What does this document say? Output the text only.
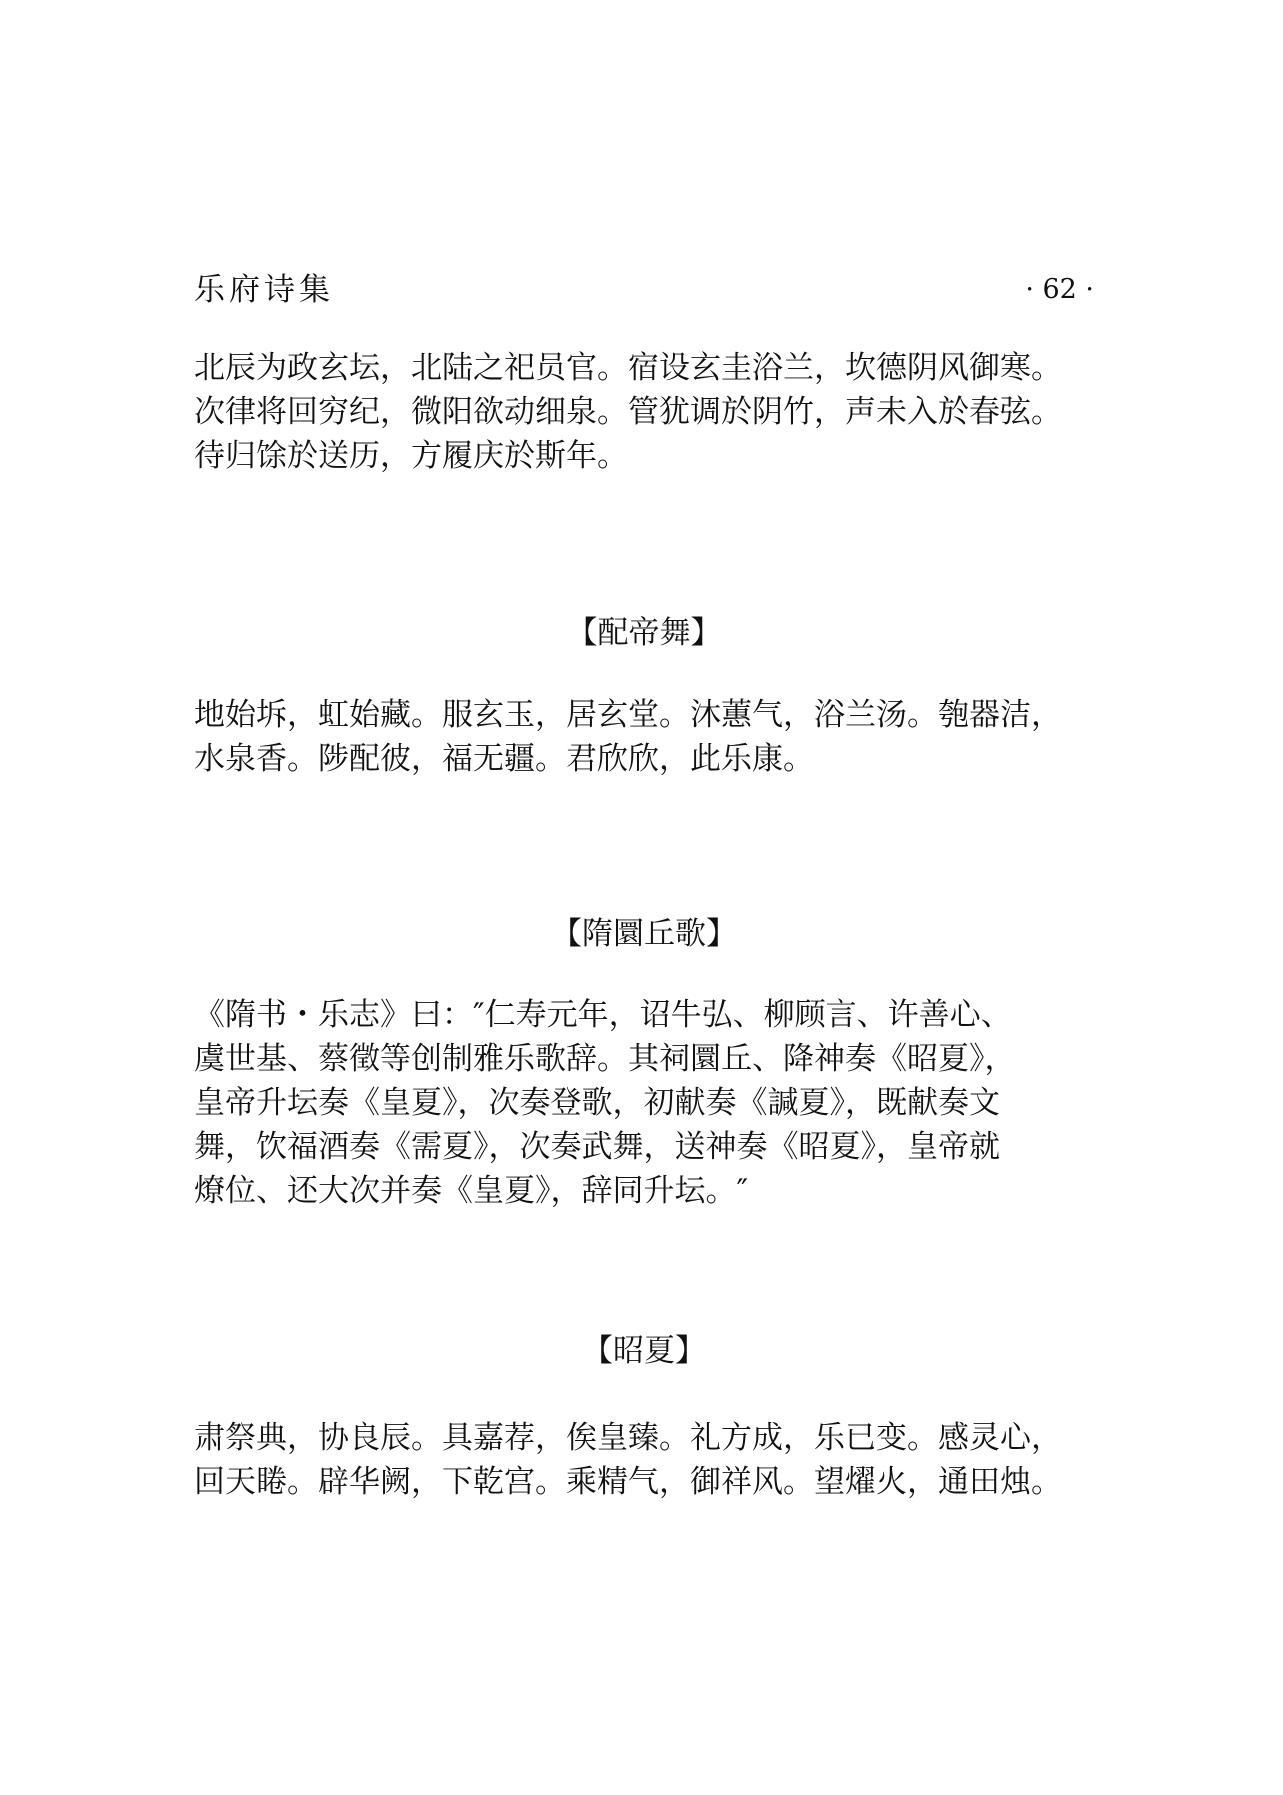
乐府诗集	· 62 ·
北辰为政玄坛，北陆之祀员官。宿设玄圭浴兰，坎德阴风御寒。
次律将回穷纪，微阳欲动细泉。管犹调於阴竹，声未入於春弦。
待归馀於送历，方履庆於斯年。
【配帝舞】
地始坼，虹始藏。服玄玉，居玄堂。沐蕙气，浴兰汤。匏器洁，
水泉香。陟配彼，福无疆。君欣欣，此乐康。
【隋圜丘歌】
《隋书・乐志》曰：″仁寿元年，诏牛弘、柳顾言、许善心、
虞世基、蔡徵等创制雅乐歌辞。其祠圜丘、降神奏《昭夏》，
皇帝升坛奏《皇夏》，次奏登歌，初献奏《諴夏》，既献奏文
舞，饮福酒奏《需夏》，次奏武舞，送神奏《昭夏》，皇帝就
燎位、还大次并奏《皇夏》，辞同升坛。″
【昭夏】
肃祭典，协良辰。具嘉荐，俟皇臻。礼方成，乐已变。感灵心，
回天睠。辟华阙，下乾宫。乘精气，御祥风。望燿火，通田烛。
